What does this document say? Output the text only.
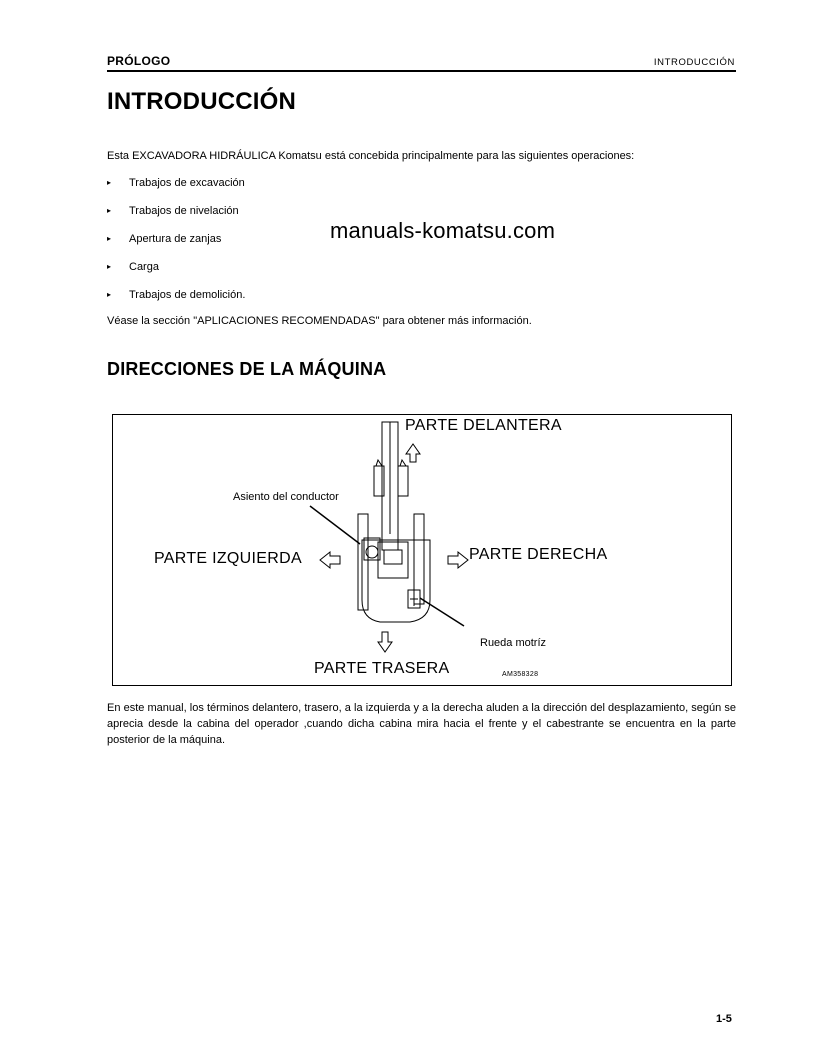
PRÓLOGO	INTRODUCCIÓN
INTRODUCCIÓN
Esta EXCAVADORA HIDRÁULICA Komatsu está concebida principalmente para las siguientes operaciones:
▸ Trabajos de excavación
▸ Trabajos de nivelación
▸ Apertura de zanjas
▸ Carga
▸ Trabajos de demolición.
manuals-komatsu.com
Véase la sección "APLICACIONES RECOMENDADAS" para obtener más información.
DIRECCIONES DE LA MÁQUINA
PARTE DELANTERA
Asiento del conductor
PARTE IZQUIERDA	PARTE DERECHA
Rueda motríz
PARTE TRASERA	AM358328

En este manual, los términos delantero, trasero, a la izquierda y a la derecha aluden a la dirección del desplazamiento, según se aprecia desde la cabina del operador ,cuando dicha cabina mira hacia el frente y el cabestrante se encuentra en la parte posterior de la máquina.

1-5
